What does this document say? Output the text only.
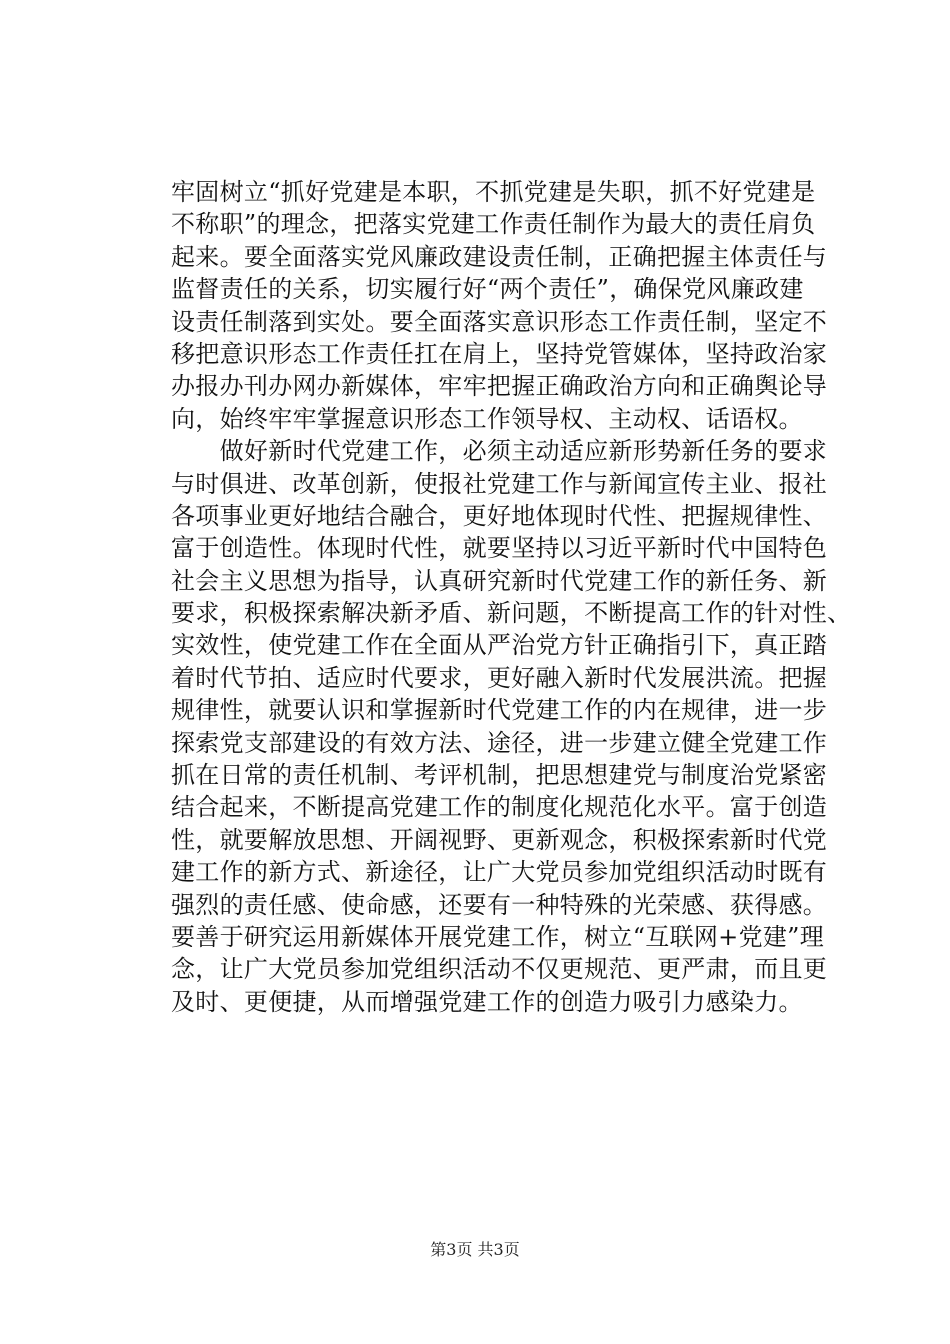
牢固树立“抓好党建是本职，不抓党建是失职，抓不好党建是
不称职”的理念，把落实党建工作责任制作为最大的责任肩负
起来。要全面落实党风廉政建设责任制，正确把握主体责任与
监督责任的关系，切实履行好“两个责任”，确保党风廉政建
设责任制落到实处。要全面落实意识形态工作责任制，坚定不
移把意识形态工作责任扛在肩上，坚持党管媒体，坚持政治家
办报办刊办网办新媒体，牢牢把握正确政治方向和正确舆论导
向，始终牢牢掌握意识形态工作领导权、主动权、话语权。
　　做好新时代党建工作，必须主动适应新形势新任务的要求
与时俱进、改革创新，使报社党建工作与新闻宣传主业、报社
各项事业更好地结合融合，更好地体现时代性、把握规律性、
富于创造性。体现时代性，就要坚持以习近平新时代中国特色
社会主义思想为指导，认真研究新时代党建工作的新任务、新
要求，积极探索解决新矛盾、新问题，不断提高工作的针对性、
实效性，使党建工作在全面从严治党方针正确指引下，真正踏
着时代节拍、适应时代要求，更好融入新时代发展洪流。把握
规律性，就要认识和掌握新时代党建工作的内在规律，进一步
探索党支部建设的有效方法、途径，进一步建立健全党建工作
抓在日常的责任机制、考评机制，把思想建党与制度治党紧密
结合起来，不断提高党建工作的制度化规范化水平。富于创造
性，就要解放思想、开阔视野、更新观念，积极探索新时代党
建工作的新方式、新途径，让广大党员参加党组织活动时既有
强烈的责任感、使命感，还要有一种特殊的光荣感、获得感。
要善于研究运用新媒体开展党建工作，树立“互联网+党建”理
念，让广大党员参加党组织活动不仅更规范、更严肃，而且更
及时、更便捷，从而增强党建工作的创造力吸引力感染力。
第3页 共3页
